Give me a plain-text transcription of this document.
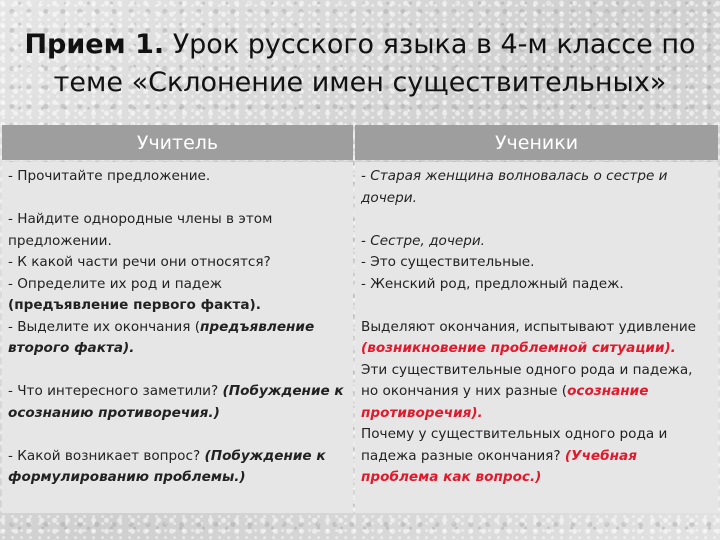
Прием 1. Урок русского языка в 4-м классе по
теме «Склонение имен существительных»
Учитель	Ученики

- Прочитайте предложение.

- Найдите однородные члены в этом предложении.

- К какой части речи они относятся?

- Определите их род и падеж

(предъявление первого факта).

- Выделите их окончания (предъявление второго факта).

- Что интересного заметили? (Побуждение к осознанию противоречия.)

- Какой возникает вопрос? (Побуждение к формулированию проблемы.)

- Старая женщина волновалась о сестре и дочери.

- Сестре, дочери.

- Это существительные.

- Женский род, предложный падеж.

Выделяют окончания, испытывают удивление (возникновение проблемной ситуации).

Эти существительные одного рода и падежа, но окончания у них разные (осознание противоречия).

Почему у существительных одного рода и падежа разные окончания? (Учебная проблема как вопрос.)
